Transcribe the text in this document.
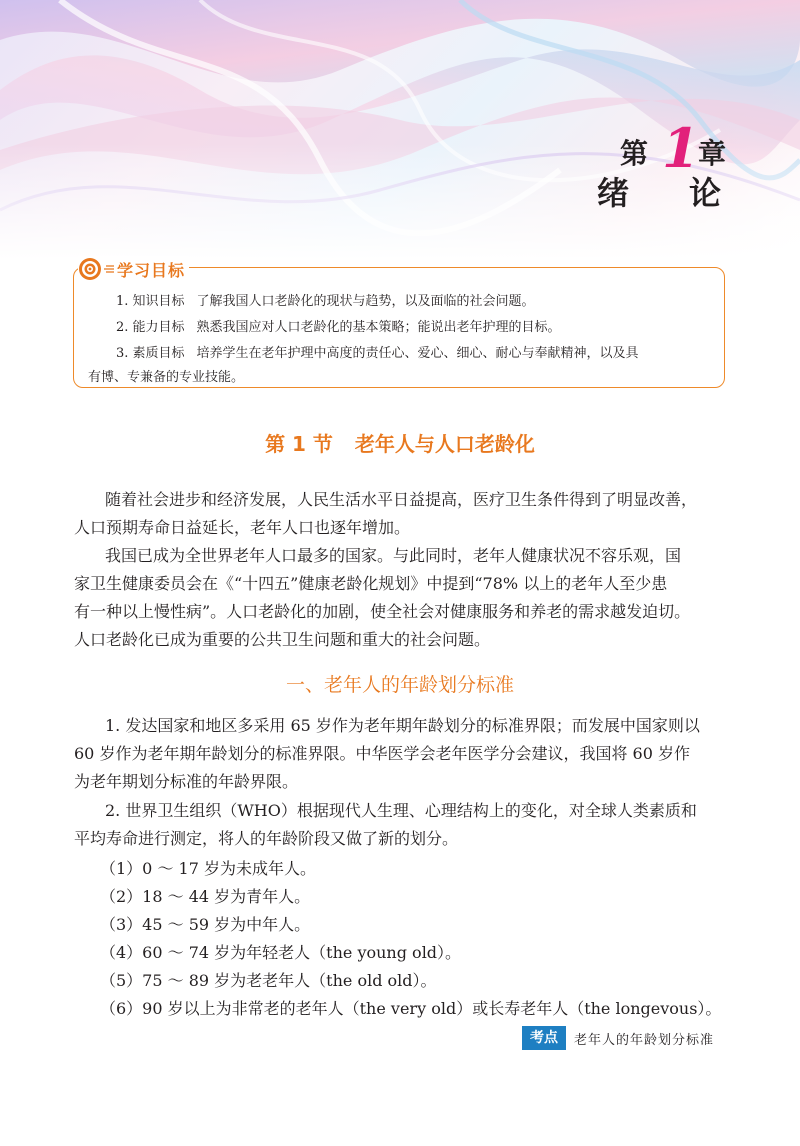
第 1
章
绪 论
学习目标
1. 知识目标 了解我国人口老龄化的现状与趋势，以及面临的社会问题。
2. 能力目标 熟悉我国应对人口老龄化的基本策略；能说出老年护理的目标。
3. 素质目标 培养学生在老年护理中高度的责任心、爱心、细心、耐心与奉献精神，以及具
有博、专兼备的专业技能。
第 1 节 老年人与人口老龄化
随着社会进步和经济发展，人民生活水平日益提高，医疗卫生条件得到了明显改善，
人口预期寿命日益延长，老年人口也逐年增加。
我国已成为全世界老年人口最多的国家。与此同时，老年人健康状况不容乐观，国
家卫生健康委员会在《“十四五”健康老龄化规划》中提到“78% 以上的老年人至少患
有一种以上慢性病”。人口老龄化的加剧，使全社会对健康服务和养老的需求越发迫切。
人口老龄化已成为重要的公共卫生问题和重大的社会问题。
一、老年人的年龄划分标准
1. 发达国家和地区多采用 65 岁作为老年期年龄划分的标准界限；而发展中国家则以
60 岁作为老年期年龄划分的标准界限。中华医学会老年医学分会建议，我国将 60 岁作
为老年期划分标准的年龄界限。
2. 世界卫生组织（WHO）根据现代人生理、心理结构上的变化，对全球人类素质和
平均寿命进行测定，将人的年龄阶段又做了新的划分。
（1）0 ～ 17 岁为未成年人。
（2）18 ～ 44 岁为青年人。
（3）45 ～ 59 岁为中年人。
（4）60 ～ 74 岁为年轻老人（the young old）。
（5）75 ～ 89 岁为老老年人（the old old）。
（6）90 岁以上为非常老的老年人（the very old）或长寿老年人（the longevous）。
考点	老年人的年龄划分标准
